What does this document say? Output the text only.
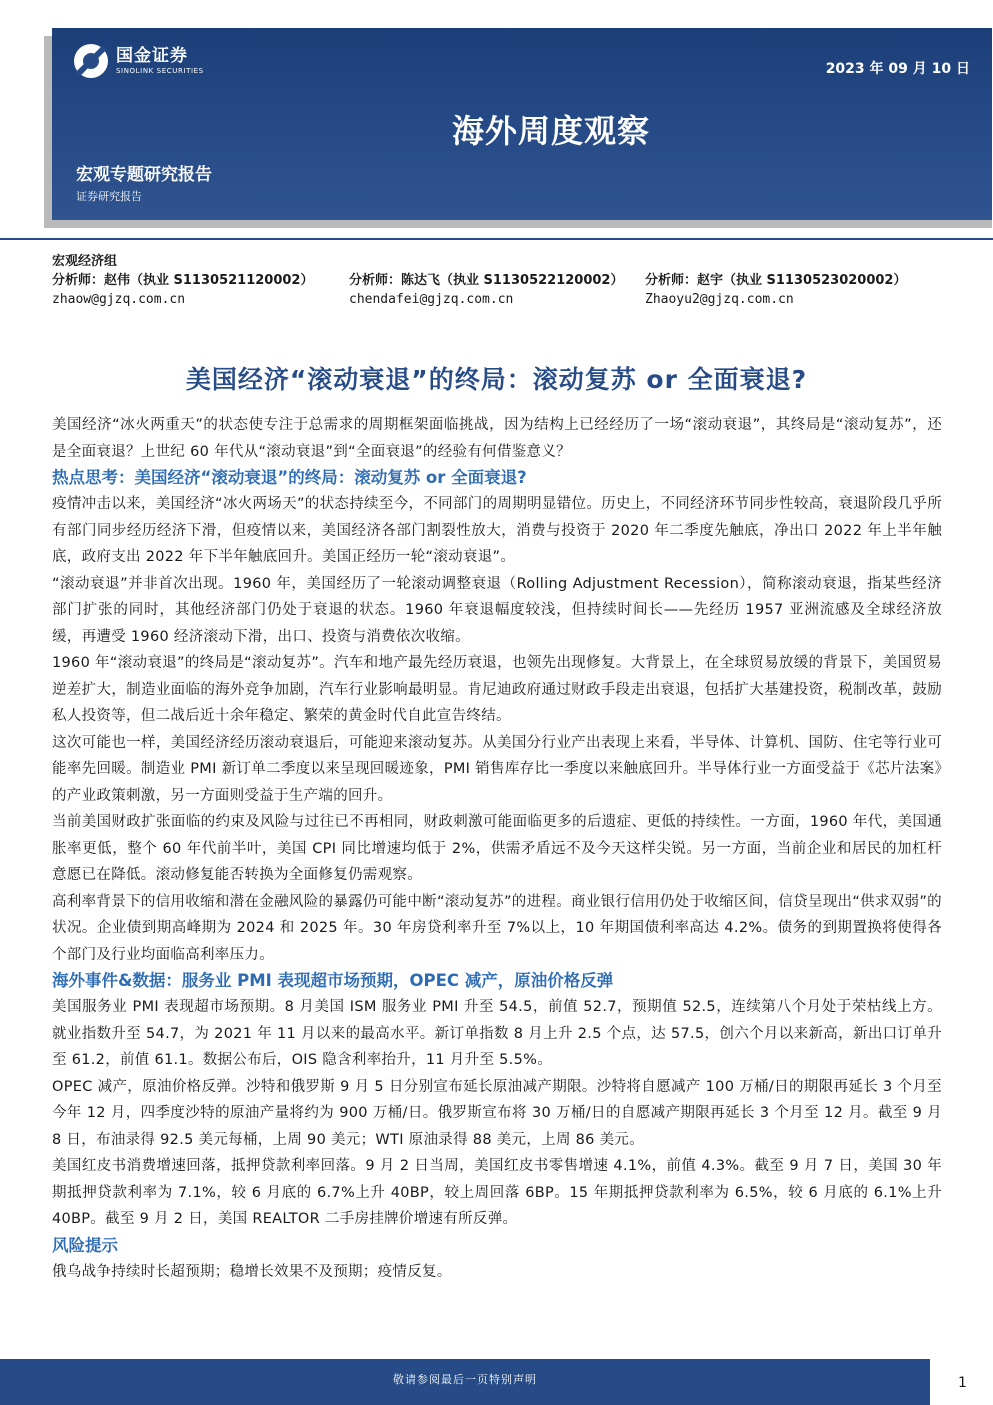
国金证券
SINOLINK SECURITIES	2023 年 09 月 10 日
海外周度观察
宏观专题研究报告
证券研究报告
宏观经济组
分析师：赵伟（执业 S1130521120002）	分析师：陈达飞（执业 S1130522120002）	分析师：赵宇（执业 S1130523020002）
zhaow@gjzq.com.cn	chendafei@gjzq.com.cn	Zhaoyu2@gjzq.com.cn
美国经济“滚动衰退”的终局：滚动复苏 or 全面衰退?

美国经济“冰火两重天”的状态使专注于总需求的周期框架面临挑战，因为结构上已经经历了一场“滚动衰退”，其终局是“滚动复苏”，还是全面衰退？上世纪 60 年代从“滚动衰退”到“全面衰退”的经验有何借鉴意义？

热点思考：美国经济“滚动衰退”的终局：滚动复苏 or 全面衰退?

疫情冲击以来，美国经济“冰火两场天”的状态持续至今，不同部门的周期明显错位。历史上，不同经济环节同步性较高，衰退阶段几乎所有部门同步经历经济下滑，但疫情以来，美国经济各部门割裂性放大，消费与投资于 2020 年二季度先触底，净出口 2022 年上半年触底，政府支出 2022 年下半年触底回升。美国正经历一轮“滚动衰退”。

“滚动衰退”并非首次出现。1960 年，美国经历了一轮滚动调整衰退（Rolling Adjustment Recession），简称滚动衰退，指某些经济部门扩张的同时，其他经济部门仍处于衰退的状态。1960 年衰退幅度较浅，但持续时间长——先经历 1957 亚洲流感及全球经济放缓，再遭受 1960 经济滚动下滑，出口、投资与消费依次收缩。

1960 年“滚动衰退”的终局是“滚动复苏”。汽车和地产最先经历衰退，也领先出现修复。大背景上，在全球贸易放缓的背景下，美国贸易逆差扩大，制造业面临的海外竞争加剧，汽车行业影响最明显。肯尼迪政府通过财政手段走出衰退，包括扩大基建投资，税制改革，鼓励私人投资等，但二战后近十余年稳定、繁荣的黄金时代自此宣告终结。

这次可能也一样，美国经济经历滚动衰退后，可能迎来滚动复苏。从美国分行业产出表现上来看，半导体、计算机、国防、住宅等行业可能率先回暖。制造业 PMI 新订单二季度以来呈现回暖迹象，PMI 销售库存比一季度以来触底回升。半导体行业一方面受益于《芯片法案》的产业政策刺激，另一方面则受益于生产端的回升。

当前美国财政扩张面临的约束及风险与过往已不再相同，财政刺激可能面临更多的后遗症、更低的持续性。一方面，1960 年代，美国通胀率更低，整个 60 年代前半叶，美国 CPI 同比增速均低于 2%，供需矛盾远不及今天这样尖锐。另一方面，当前企业和居民的加杠杆意愿已在降低。滚动修复能否转换为全面修复仍需观察。

高利率背景下的信用收缩和潜在金融风险的暴露仍可能中断“滚动复苏”的进程。商业银行信用仍处于收缩区间，信贷呈现出“供求双弱”的状况。企业债到期高峰期为 2024 和 2025 年。30 年房贷利率升至 7%以上，10 年期国债利率高达 4.2%。债务的到期置换将使得各个部门及行业均面临高利率压力。

海外事件&数据：服务业 PMI 表现超市场预期，OPEC 减产，原油价格反弹

美国服务业 PMI 表现超市场预期。8 月美国 ISM 服务业 PMI 升至 54.5，前值 52.7，预期值 52.5，连续第八个月处于荣枯线上方。就业指数升至 54.7，为 2021 年 11 月以来的最高水平。新订单指数 8 月上升 2.5 个点，达 57.5，创六个月以来新高，新出口订单升至 61.2，前值 61.1。数据公布后，OIS 隐含利率抬升，11 月升至 5.5%。

OPEC 减产，原油价格反弹。沙特和俄罗斯 9 月 5 日分别宣布延长原油减产期限。沙特将自愿减产 100 万桶/日的期限再延长 3 个月至今年 12 月，四季度沙特的原油产量将约为 900 万桶/日。俄罗斯宣布将 30 万桶/日的自愿减产期限再延长 3 个月至 12 月。截至 9 月 8 日，布油录得 92.5 美元每桶，上周 90 美元；WTI 原油录得 88 美元，上周 86 美元。

美国红皮书消费增速回落，抵押贷款利率回落。9 月 2 日当周，美国红皮书零售增速 4.1%，前值 4.3%。截至 9 月 7 日，美国 30 年期抵押贷款利率为 7.1%，较 6 月底的 6.7%上升 40BP，较上周回落 6BP。15 年期抵押贷款利率为 6.5%，较 6 月底的 6.1%上升 40BP。截至 9 月 2 日，美国 REALTOR 二手房挂牌价增速有所反弹。

风险提示

俄乌战争持续时长超预期；稳增长效果不及预期；疫情反复。

敬请参阅最后一页特别声明	1
